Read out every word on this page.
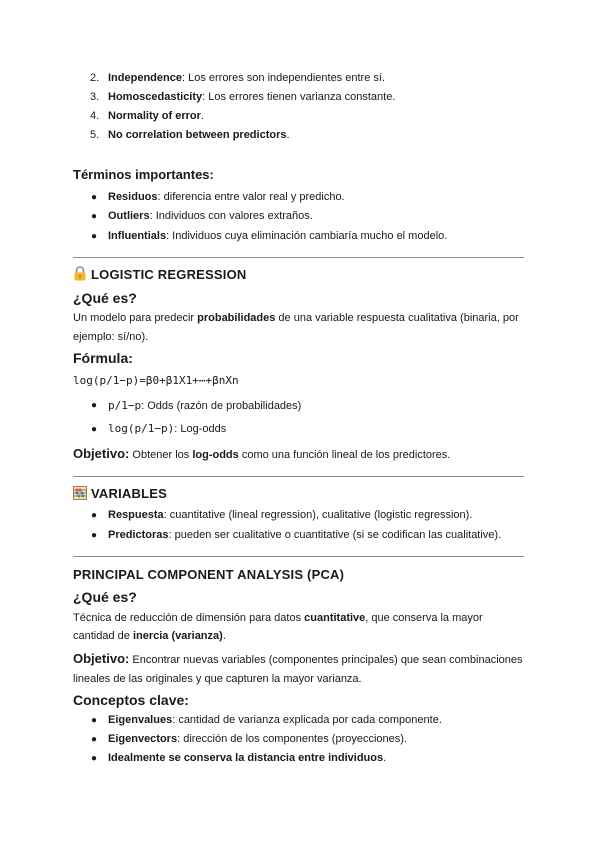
2. Independence: Los errores son independientes entre sí.
3. Homoscedasticity: Los errores tienen varianza constante.
4. Normality of error.
5. No correlation between predictors.
Términos importantes:
● Residuos: diferencia entre valor real y predicho.
● Outliers: Individuos con valores extraños.
● Influentials: Individuos cuya eliminación cambiaría mucho el modelo.
LOGISTIC REGRESSION
¿Qué es?
Un modelo para predecir probabilidades de una variable respuesta cualitativa (binaria, por
ejemplo: sí/no).
Fórmula:
log(p/1−p)=β0+β1X1+⋯+βnXn
● p/1−p: Odds (razón de probabilidades)
● log(p/1−p): Log-odds
Objetivo: Obtener los log-odds como una función lineal de los predictores.
VARIABLES
● Respuesta: cuantitative (lineal regression), cualitative (logistic regression).
● Predictoras: pueden ser cualitative o cuantitative (si se codifican las cualitative).
PRINCIPAL COMPONENT ANALYSIS (PCA)
¿Qué es?
Técnica de reducción de dimensión para datos cuantitative, que conserva la mayor
cantidad de inercia (varianza).
Objetivo: Encontrar nuevas variables (componentes principales) que sean combinaciones
lineales de las originales y que capturen la mayor varianza.
Conceptos clave:
● Eigenvalues: cantidad de varianza explicada por cada componente.
● Eigenvectors: dirección de los componentes (proyecciones).
● Idealmente se conserva la distancia entre individuos.
